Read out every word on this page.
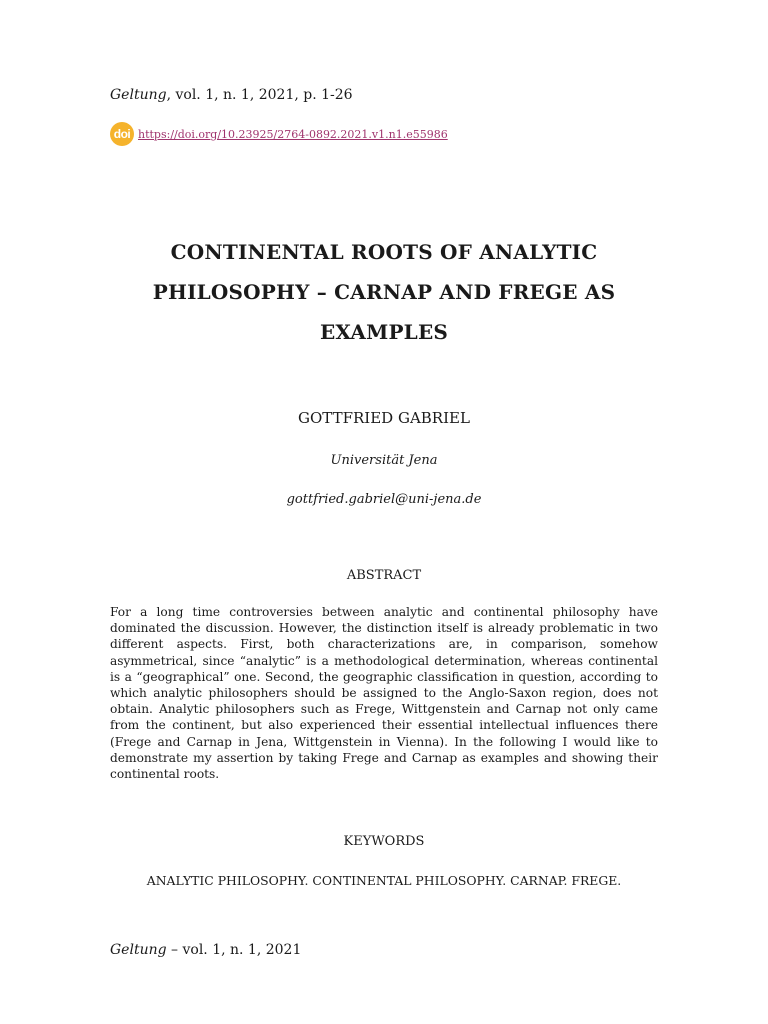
Geltung, vol. 1, n. 1, 2021, p. 1-26
doi https://doi.org/10.23925/2764-0892.2021.v1.n1.e55986
CONTINENTAL ROOTS OF ANALYTIC
PHILOSOPHY – CARNAP AND FREGE AS
EXAMPLES
GOTTFRIED GABRIEL
Universität Jena
gottfried.gabriel@uni-jena.de
ABSTRACT
For a long time controversies between analytic and continental philosophy have dominated the discussion. However, the distinction itself is already problematic in two different aspects. First, both characterizations are, in comparison, somehow asymmetrical, since “analytic” is a methodological determination, whereas continental is a “geographical” one. Second, the geographic classification in question, according to which analytic philosophers should be assigned to the Anglo-Saxon region, does not obtain. Analytic philosophers such as Frege, Wittgenstein and Carnap not only came from the continent, but also experienced their essential intellectual influences there (Frege and Carnap in Jena, Wittgenstein in Vienna). In the following I would like to demonstrate my assertion by taking Frege and Carnap as examples and showing their continental roots.
KEYWORDS
ANALYTIC PHILOSOPHY. CONTINENTAL PHILOSOPHY. CARNAP. FREGE.
Geltung – vol. 1, n. 1, 2021
